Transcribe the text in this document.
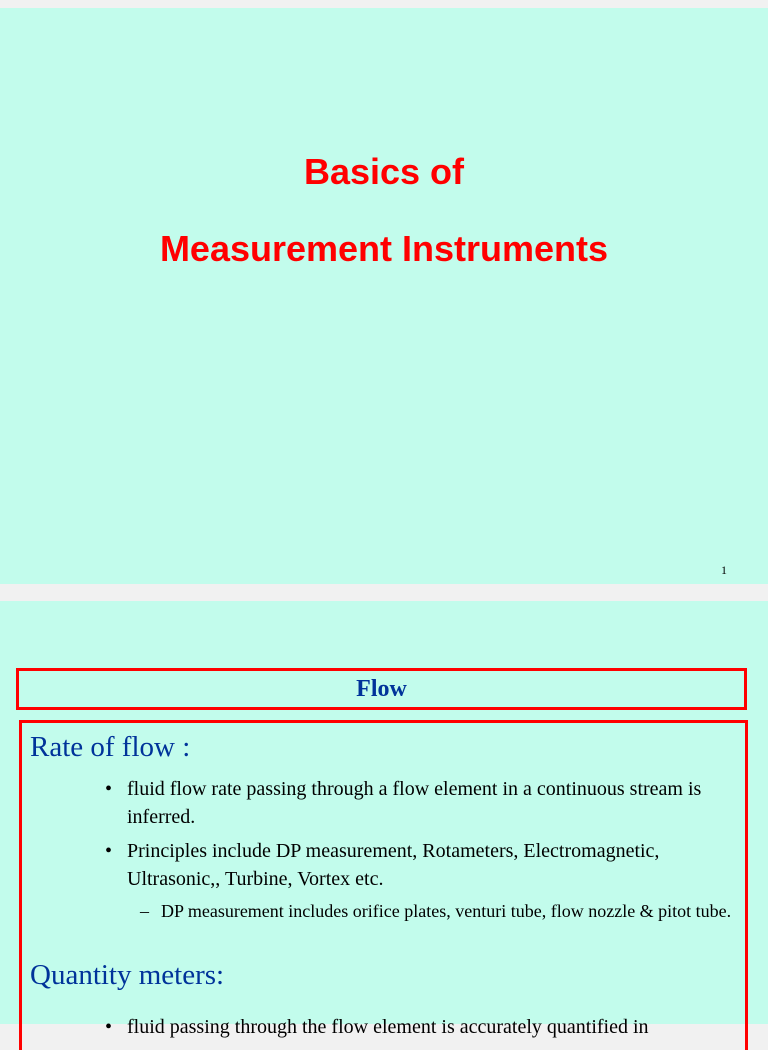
Basics of
Measurement Instruments
1
Flow
Rate of flow :
• fluid flow rate passing through a flow element in a continuous stream is inferred.
• Principles include DP measurement, Rotameters, Electromagnetic, Ultrasonic,, Turbine, Vortex etc.
– DP measurement includes orifice plates, venturi tube, flow nozzle & pitot tube.
Quantity meters:
• fluid passing through the flow element is accurately quantified in
